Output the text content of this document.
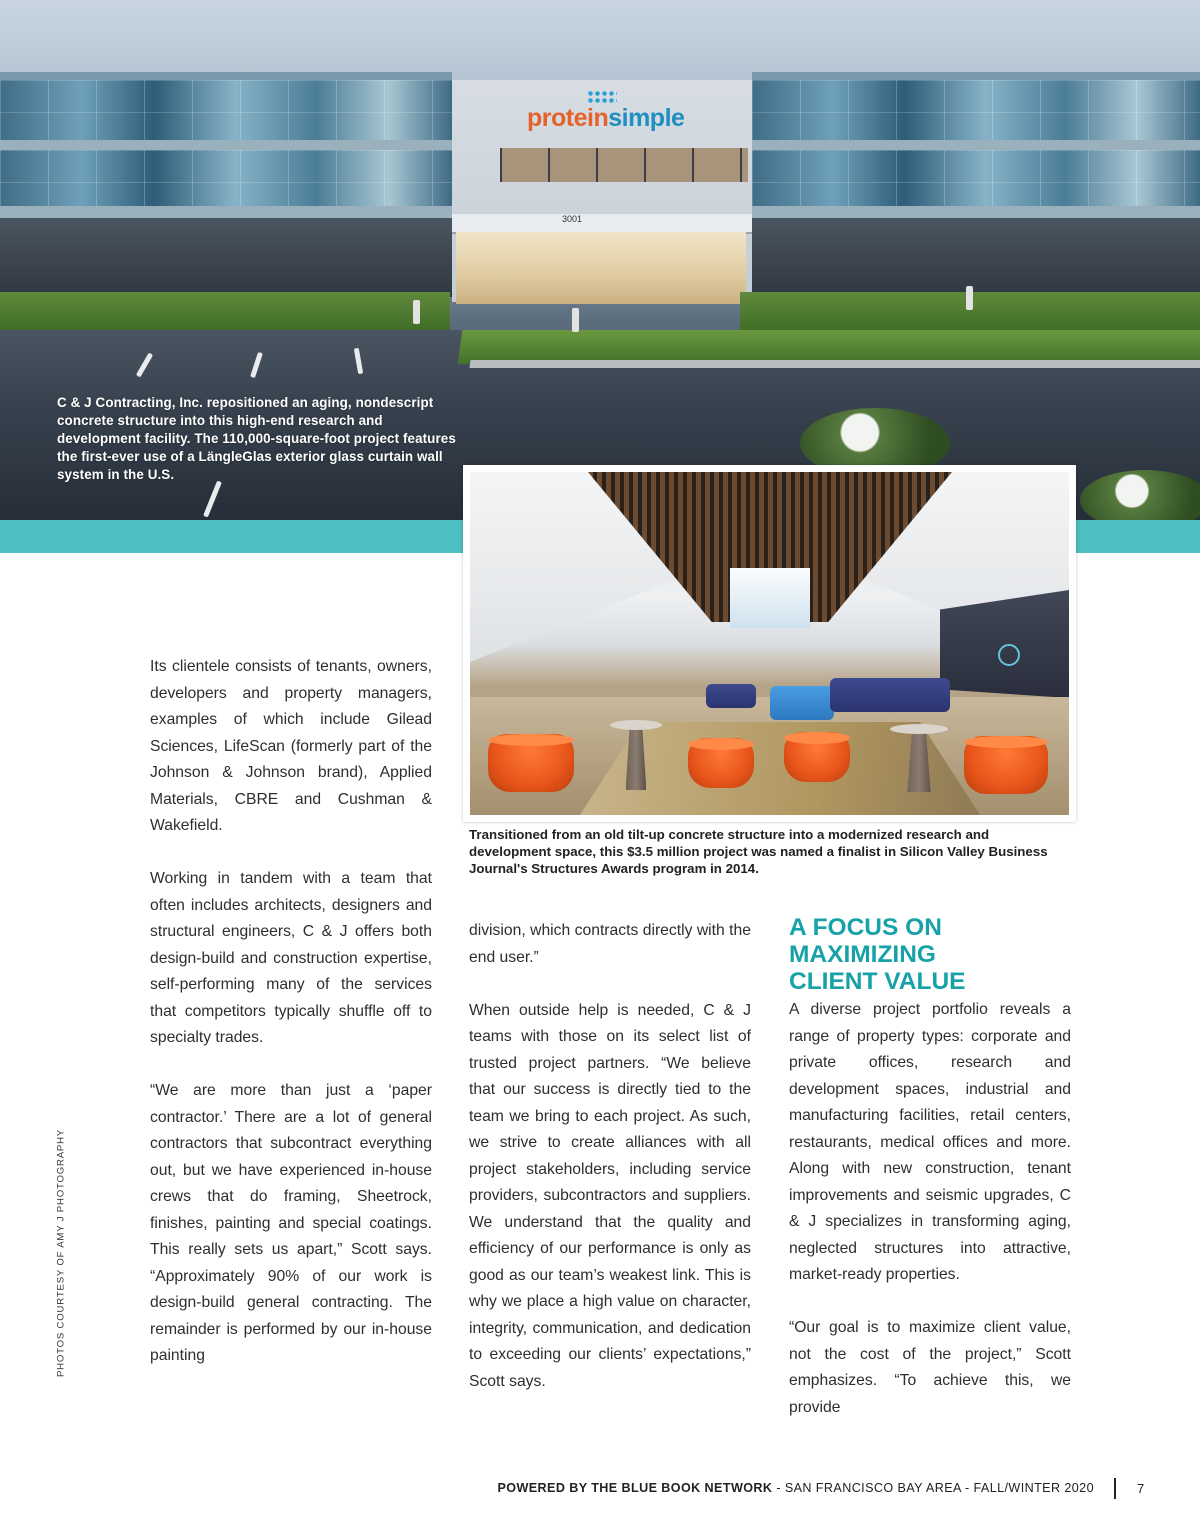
3001
proteinsimple
C & J Contracting, Inc. repositioned an aging, nondescript concrete structure into this high-end research and development facility. The 110,000-square-foot project features the first-ever use of a LängleGlas exterior glass curtain wall system in the U.S.
Transitioned from an old tilt-up concrete structure into a modernized research and development space, this $3.5 million project was named a finalist in Silicon Valley Business Journal's Structures Awards program in 2014.

Its clientele consists of tenants, owners, developers and property managers, examples of which include Gilead Sciences, LifeScan (formerly part of the Johnson & Johnson brand), Applied Materials, CBRE and Cushman & Wakefield.

Working in tandem with a team that often includes architects, designers and structural engineers, C & J offers both design-build and construction expertise, self-performing many of the services that competitors typically shuffle off to specialty trades.

“We are more than just a ‘paper contractor.’ There are a lot of general contractors that subcontract everything out, but we have experienced in-house crews that do framing, Sheetrock, finishes, painting and special coatings. This really sets us apart,” Scott says. “Approximately 90% of our work is design-build general contracting. The remainder is performed by our in-house painting

division, which contracts directly with the end user.”

When outside help is needed, C & J teams with those on its select list of trusted project partners. “We believe that our success is directly tied to the team we bring to each project. As such, we strive to create alliances with all project stakeholders, including service providers, subcontractors and suppliers. We understand that the quality and efficiency of our performance is only as good as our team’s weakest link. This is why we place a high value on character, integrity, communication, and dedication to exceeding our clients’ expectations,” Scott says.

A FOCUS ON
MAXIMIZING
CLIENT VALUE

A diverse project portfolio reveals a range of property types: corporate and private offices, research and development spaces, industrial and manufacturing facilities, retail centers, restaurants, medical offices and more. Along with new construction, tenant improvements and seismic upgrades, C & J specializes in transforming aging, neglected structures into attractive, market-ready properties.

“Our goal is to maximize client value, not the cost of the project,” Scott emphasizes. “To achieve this, we provide

PHOTOS COURTESY OF AMY J PHOTOGRAPHY
POWERED BY THE BLUE BOOK NETWORK - SAN FRANCISCO BAY AREA - FALL/WINTER 2020	7
